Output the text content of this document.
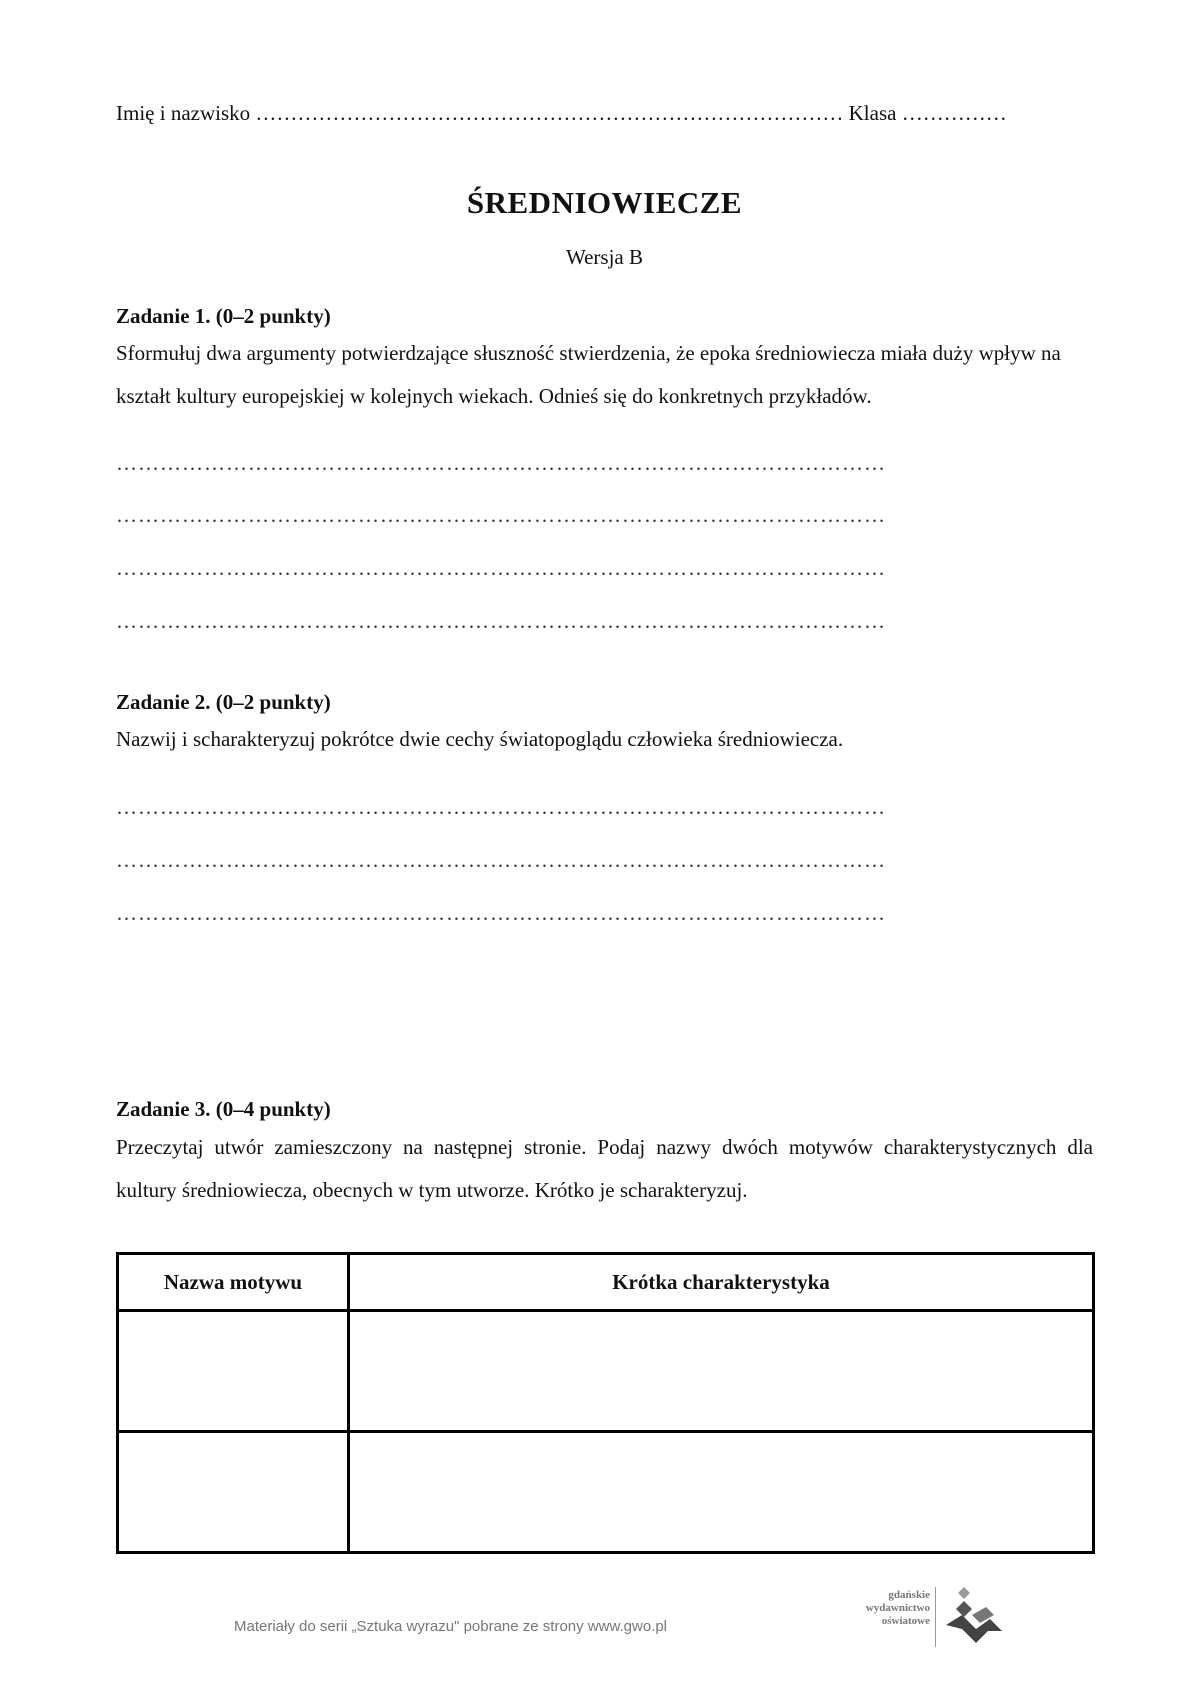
Imię i nazwisko ………………………………………………………………………… Klasa ……………
ŚREDNIOWIECZE
Wersja B
Zadanie 1. (0–2 punkty)
Sformułuj dwa argumenty potwierdzające słuszność stwierdzenia, że epoka średniowiecza miała duży wpływ na kształt kultury europejskiej w kolejnych wiekach. Odnieś się do konkretnych przykładów.
……………………………………………………………………………………………
……………………………………………………………………………………………
……………………………………………………………………………………………
……………………………………………………………………………………………
Zadanie 2. (0–2 punkty)
Nazwij i scharakteryzuj pokrótce dwie cechy światopoglądu człowieka średniowiecza.
……………………………………………………………………………………………
……………………………………………………………………………………………
……………………………………………………………………………………………
Zadanie 3. (0–4 punkty)
Przeczytaj utwór zamieszczony na następnej stronie. Podaj nazwy dwóch motywów charakterystycznych dla kultury średniowiecza, obecnych w tym utworze. Krótko je scharakteryzuj.
Nazwa motywu	Krótka charakterystyka

Materiały do serii „Sztuka wyrazu" pobrane ze strony www.gwo.pl
gdańskie
wydawnictwo
oświatowe
